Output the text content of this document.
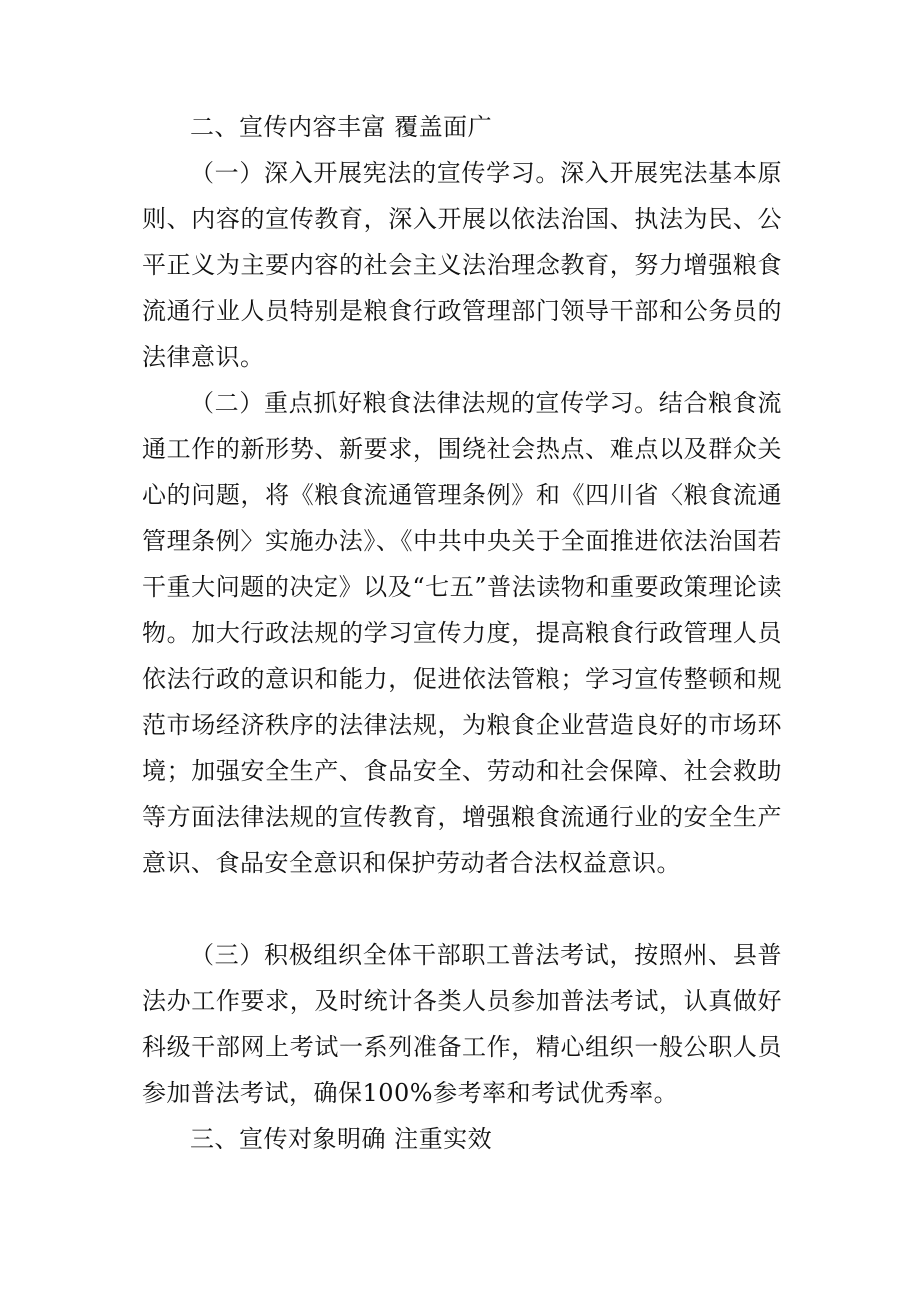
二、宣传内容丰富 覆盖面广

（一）深入开展宪法的宣传学习。深入开展宪法基本原则、内容的宣传教育，深入开展以依法治国、执法为民、公平正义为主要内容的社会主义法治理念教育，努力增强粮食流通行业人员特别是粮食行政管理部门领导干部和公务员的法律意识。

（二）重点抓好粮食法律法规的宣传学习。结合粮食流通工作的新形势、新要求，围绕社会热点、难点以及群众关心的问题，将《粮食流通管理条例》和《四川省〈粮食流通管理条例〉实施办法》、《中共中央关于全面推进依法治国若干重大问题的决定》以及“七五”普法读物和重要政策理论读物。加大行政法规的学习宣传力度，提高粮食行政管理人员依法行政的意识和能力，促进依法管粮；学习宣传整顿和规范市场经济秩序的法律法规，为粮食企业营造良好的市场环境；加强安全生产、食品安全、劳动和社会保障、社会救助等方面法律法规的宣传教育，增强粮食流通行业的安全生产意识、食品安全意识和保护劳动者合法权益意识。

（三）积极组织全体干部职工普法考试，按照州、县普法办工作要求，及时统计各类人员参加普法考试，认真做好科级干部网上考试一系列准备工作，精心组织一般公职人员参加普法考试，确保100%参考率和考试优秀率。

三、宣传对象明确 注重实效
